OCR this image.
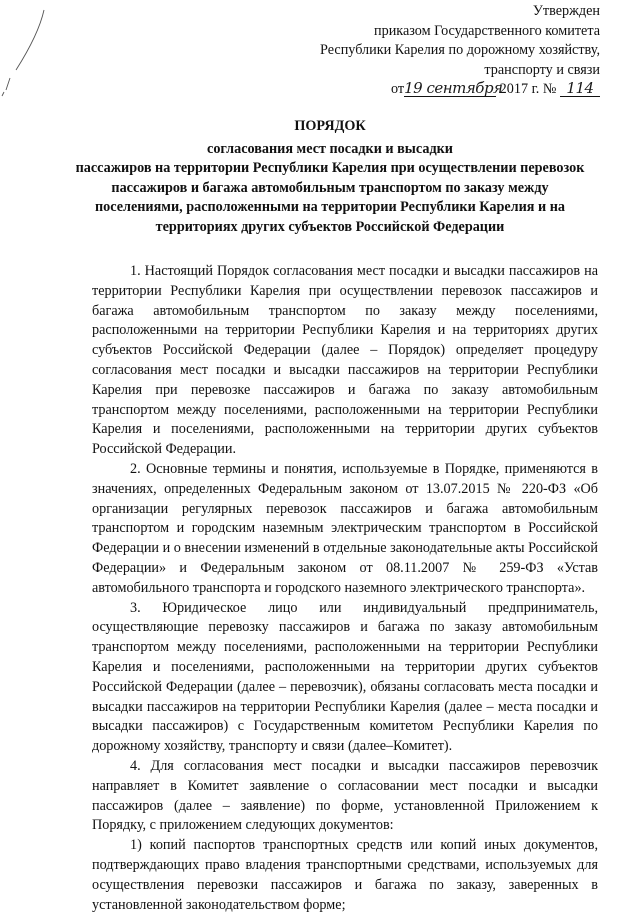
Утвержден
приказом Государственного комитета
Республики Карелия по дорожному хозяйству,
транспорту и связи
от19 сентября 2017 г. № 114
ПОРЯДОК
согласования мест посадки и высадки
пассажиров на территории Республики Карелия при осуществлении перевозок
пассажиров и багажа автомобильным транспортом по заказу между
поселениями, расположенными на территории Республики Карелия и на
территориях других субъектов Российской Федерации

1. Настоящий Порядок согласования мест посадки и высадки пассажиров на территории Республики Карелия при осуществлении перевозок пассажиров и багажа автомобильным транспортом по заказу между поселениями, расположенными на территории Республики Карелия и на территориях других субъектов Российской Федерации (далее – Порядок) определяет процедуру согласования мест посадки и высадки пассажиров на территории Республики Карелия при перевозке пассажиров и багажа по заказу автомобильным транспортом между поселениями, расположенными на территории Республики Карелия и поселениями, расположенными на территории других субъектов Российской Федерации.

2. Основные термины и понятия, используемые в Порядке, применяются в значениях, определенных Федеральным законом от 13.07.2015 № 220-ФЗ «Об организации регулярных перевозок пассажиров и багажа автомобильным транспортом и городским наземным электрическим транспортом в Российской Федерации и о внесении изменений в отдельные законодательные акты Российской Федерации» и Федеральным законом от 08.11.2007 № 259-ФЗ «Устав автомобильного транспорта и городского наземного электрического транспорта».

3. Юридическое лицо или индивидуальный предприниматель, осуществляющие перевозку пассажиров и багажа по заказу автомобильным транспортом между поселениями, расположенными на территории Республики Карелия и поселениями, расположенными на территории других субъектов Российской Федерации (далее – перевозчик), обязаны согласовать места посадки и высадки пассажиров на территории Республики Карелия (далее – места посадки и высадки пассажиров) с Государственным комитетом Республики Карелия по дорожному хозяйству, транспорту и связи (далее–Комитет).

4. Для согласования мест посадки и высадки пассажиров перевозчик направляет в Комитет заявление о согласовании мест посадки и высадки пассажиров (далее – заявление) по форме, установленной Приложением к Порядку, с приложением следующих документов:

1) копий паспортов транспортных средств или копий иных документов, подтверждающих право владения транспортными средствами, используемых для осуществления перевозки пассажиров и багажа по заказу, заверенных в установленной законодательством форме;
